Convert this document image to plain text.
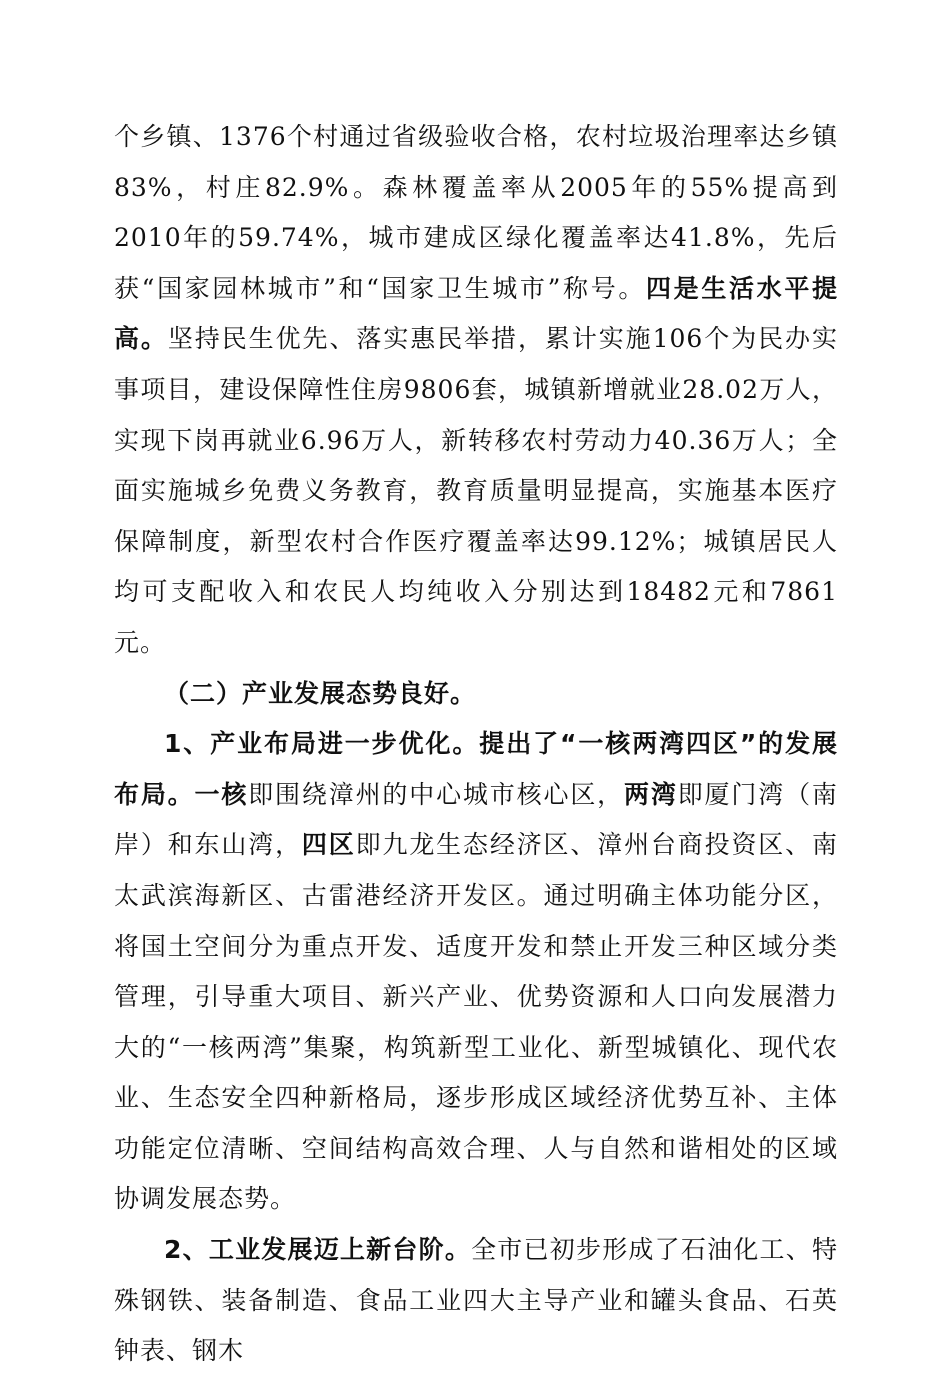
个乡镇、1376个村通过省级验收合格，农村垃圾治理率达乡镇83%，村庄82.9%。森林覆盖率从2005年的55%提高到2010年的59.74%，城市建成区绿化覆盖率达41.8%，先后获“国家园林城市”和“国家卫生城市”称号。四是生活水平提高。坚持民生优先、落实惠民举措，累计实施106个为民办实事项目，建设保障性住房9806套，城镇新增就业28.02万人，实现下岗再就业6.96万人，新转移农村劳动力40.36万人；全面实施城乡免费义务教育，教育质量明显提高，实施基本医疗保障制度，新型农村合作医疗覆盖率达99.12%；城镇居民人均可支配收入和农民人均纯收入分别达到18482元和7861元。

（二）产业发展态势良好。

1、产业布局进一步优化。提出了“一核两湾四区”的发展布局。一核即围绕漳州的中心城市核心区，两湾即厦门湾（南岸）和东山湾，四区即九龙生态经济区、漳州台商投资区、南太武滨海新区、古雷港经济开发区。通过明确主体功能分区，将国土空间分为重点开发、适度开发和禁止开发三种区域分类管理，引导重大项目、新兴产业、优势资源和人口向发展潜力大的“一核两湾”集聚，构筑新型工业化、新型城镇化、现代农业、生态安全四种新格局，逐步形成区域经济优势互补、主体功能定位清晰、空间结构高效合理、人与自然和谐相处的区域协调发展态势。

2、工业发展迈上新台阶。全市已初步形成了石油化工、特殊钢铁、装备制造、食品工业四大主导产业和罐头食品、石英钟表、钢木
